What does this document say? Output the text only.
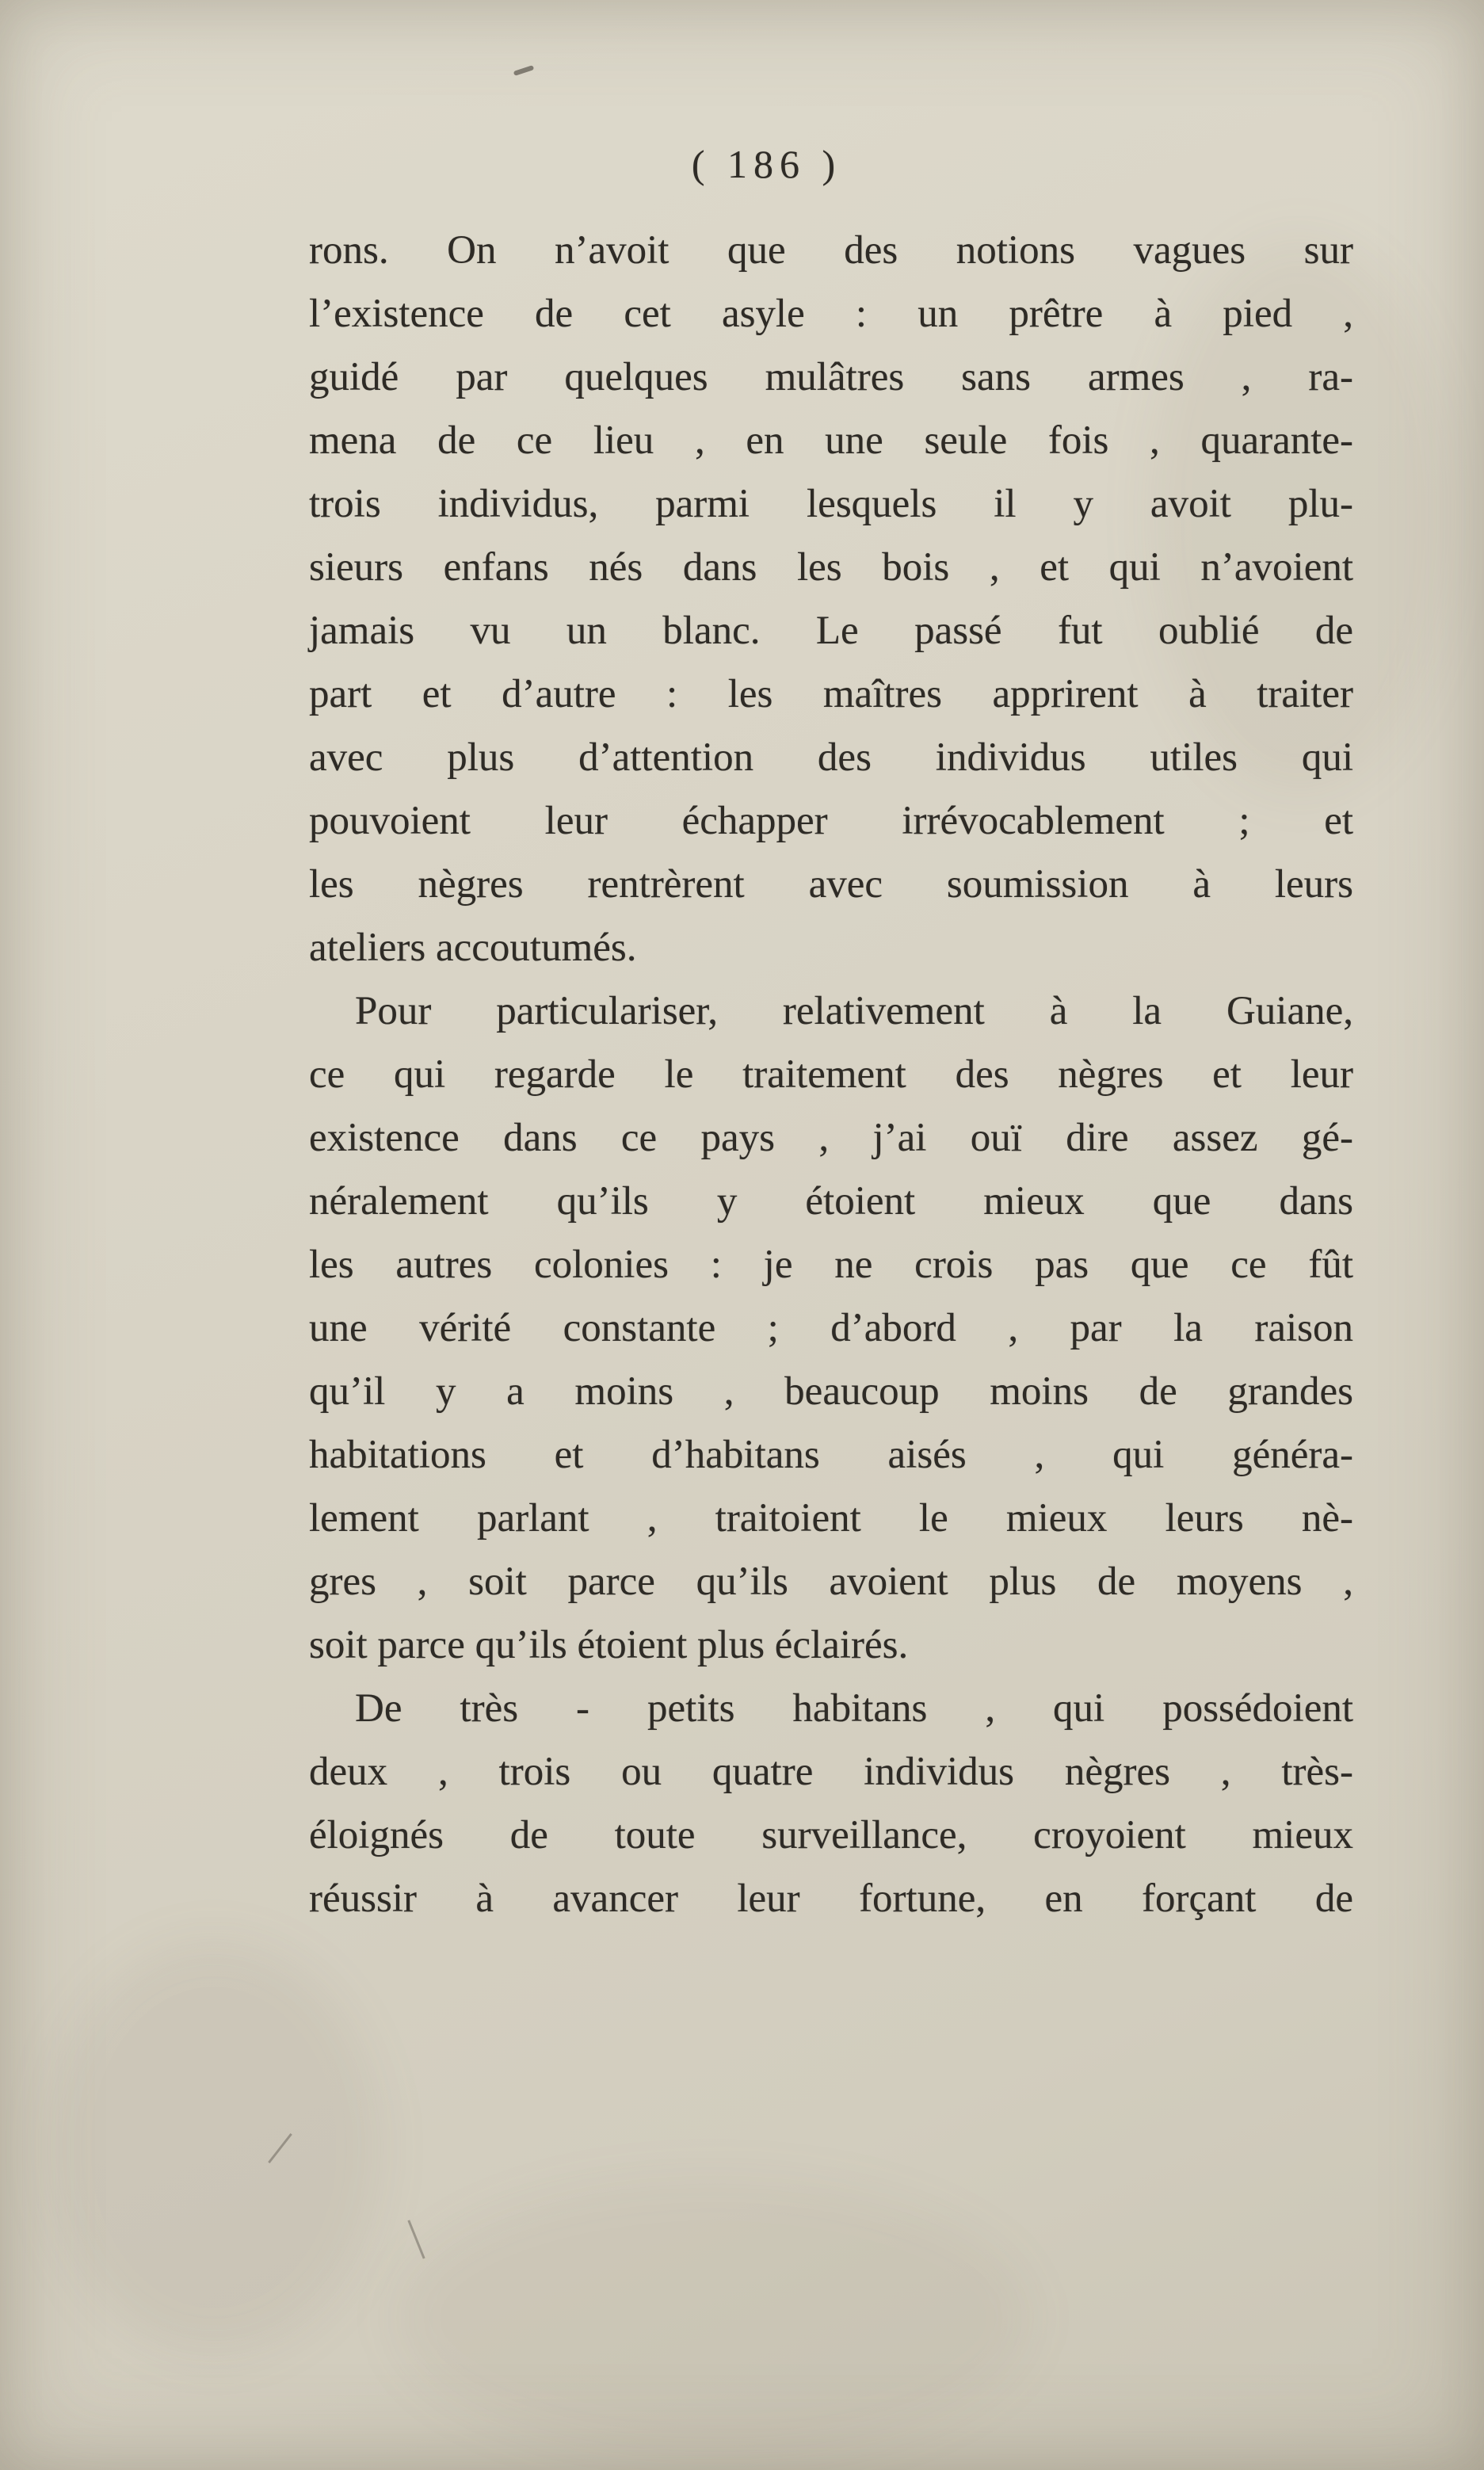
( 186 )
rons. On n’avoit que des notions vagues sur
l’existence de cet asyle : un prêtre à pied ,
guidé par quelques mulâtres sans armes , ra-
mena de ce lieu , en une seule fois , quarante-
trois individus, parmi lesquels il y avoit plu-
sieurs enfans nés dans les bois , et qui n’avoient
jamais vu un blanc. Le passé fut oublié de
part et d’autre : les maîtres apprirent à traiter
avec plus d’attention des individus utiles qui
pouvoient leur échapper irrévocablement ; et
les nègres rentrèrent avec soumission à leurs
ateliers accoutumés.
Pour particulariser, relativement à la Guiane,
ce qui regarde le traitement des nègres et leur
existence dans ce pays , j’ai ouï dire assez gé-
néralement qu’ils y étoient mieux que dans
les autres colonies : je ne crois pas que ce fût
une vérité constante ; d’abord , par la raison
qu’il y a moins , beaucoup moins de grandes
habitations et d’habitans aisés , qui généra-
lement parlant , traitoient le mieux leurs nè-
gres , soit parce qu’ils avoient plus de moyens ,
soit parce qu’ils étoient plus éclairés.
De très - petits habitans , qui possédoient
deux , trois ou quatre individus nègres , très-
éloignés de toute surveillance, croyoient mieux
réussir à avancer leur fortune, en forçant de
